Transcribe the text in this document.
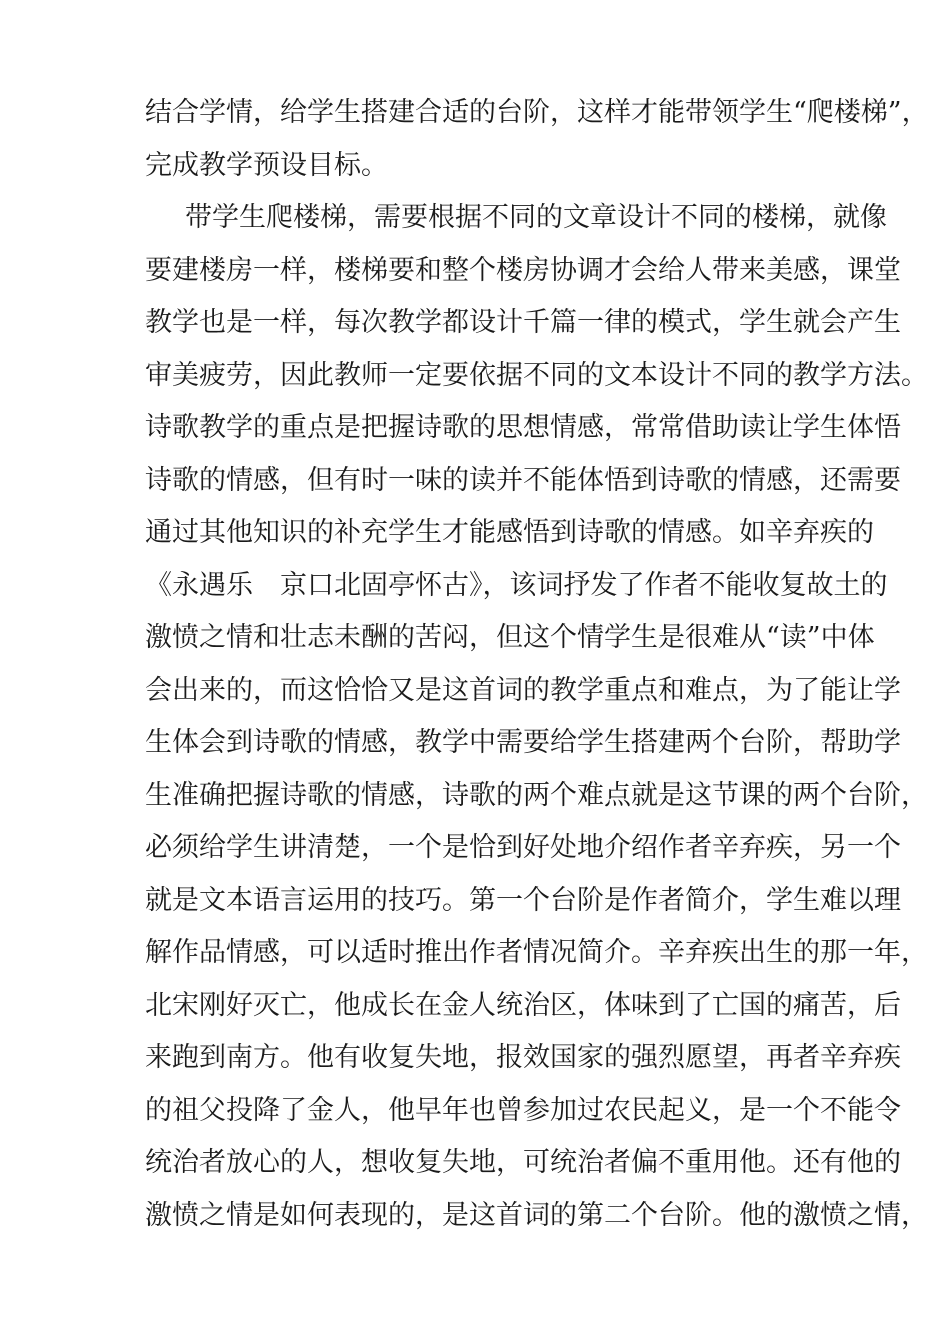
结合学情，给学生搭建合适的台阶，这样才能带领学生“爬楼梯”，
完成教学预设目标。
带学生爬楼梯，需要根据不同的文章设计不同的楼梯，就像
要建楼房一样，楼梯要和整个楼房协调才会给人带来美感，课堂
教学也是一样，每次教学都设计千篇一律的模式，学生就会产生
审美疲劳，因此教师一定要依据不同的文本设计不同的教学方法。
诗歌教学的重点是把握诗歌的思想情感，常常借助读让学生体悟
诗歌的情感，但有时一味的读并不能体悟到诗歌的情感，还需要
通过其他知识的补充学生才能感悟到诗歌的情感。如辛弃疾的
《永遇乐　京口北固亭怀古》，该词抒发了作者不能收复故土的
激愤之情和壮志未酬的苦闷，但这个情学生是很难从“读”中体
会出来的，而这恰恰又是这首词的教学重点和难点，为了能让学
生体会到诗歌的情感，教学中需要给学生搭建两个台阶，帮助学
生准确把握诗歌的情感，诗歌的两个难点就是这节课的两个台阶，
必须给学生讲清楚，一个是恰到好处地介绍作者辛弃疾，另一个
就是文本语言运用的技巧。第一个台阶是作者简介，学生难以理
解作品情感，可以适时推出作者情况简介。辛弃疾出生的那一年，
北宋刚好灭亡，他成长在金人统治区，体味到了亡国的痛苦，后
来跑到南方。他有收复失地，报效国家的强烈愿望，再者辛弃疾
的祖父投降了金人，他早年也曾参加过农民起义，是一个不能令
统治者放心的人，想收复失地，可统治者偏不重用他。还有他的
激愤之情是如何表现的，是这首词的第二个台阶。他的激愤之情，
